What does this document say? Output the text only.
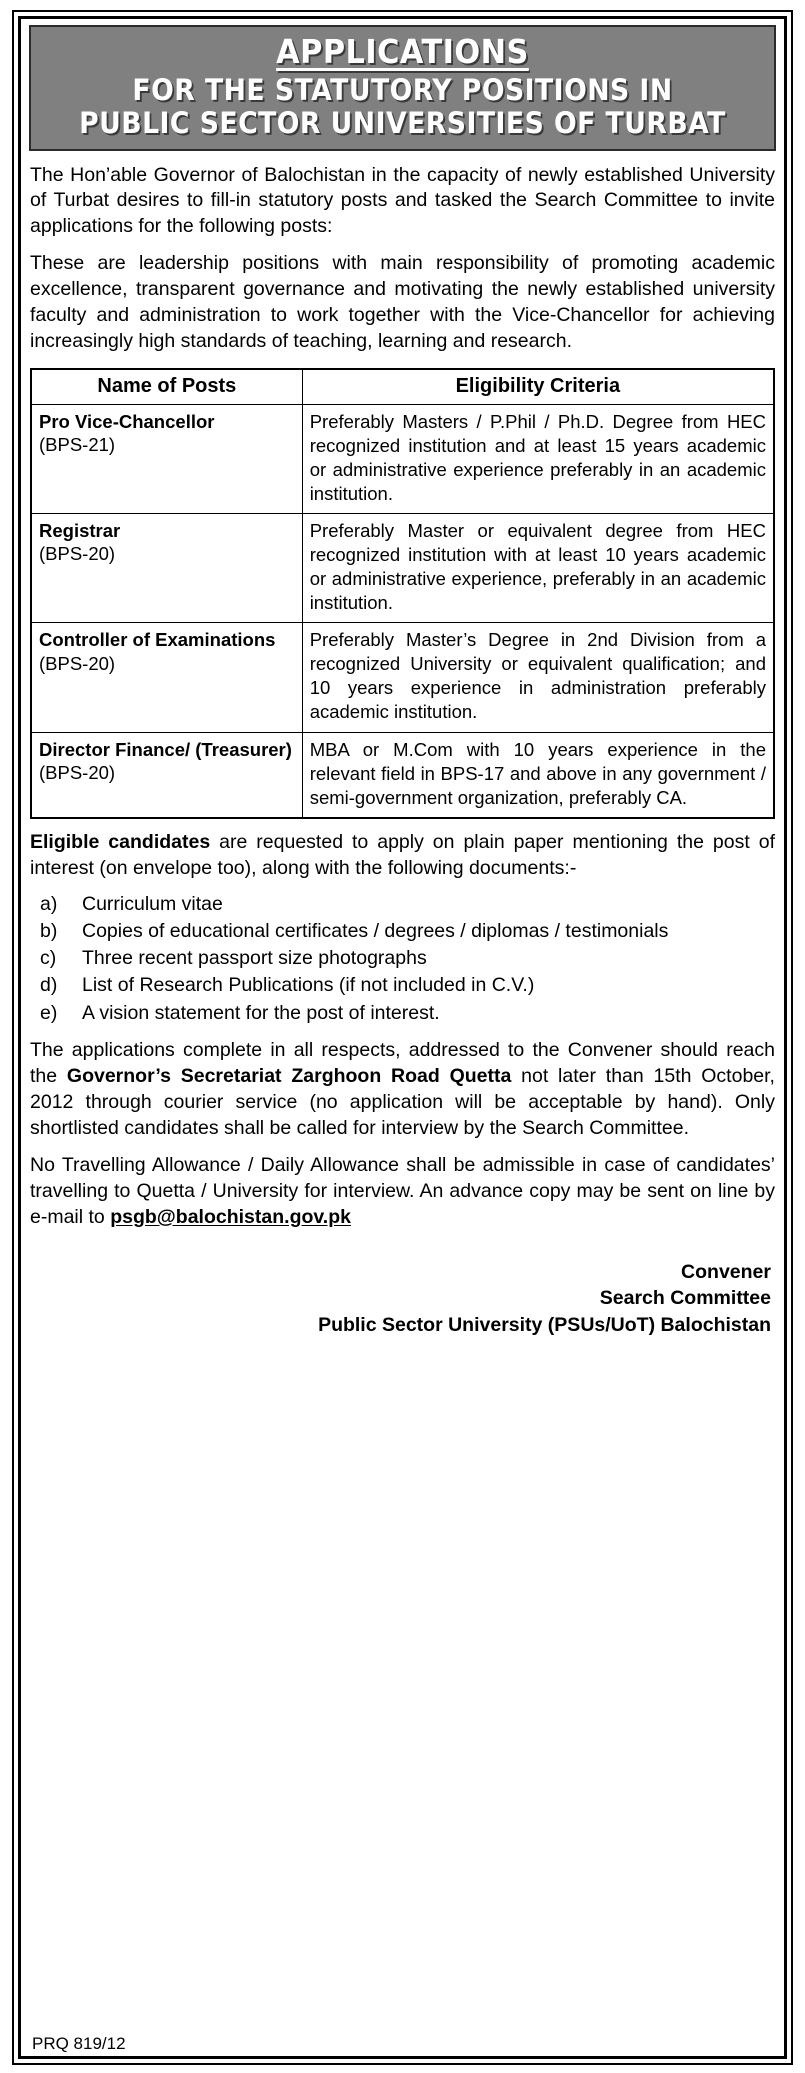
APPLICATIONS
FOR THE STATUTORY POSITIONS IN
PUBLIC SECTOR UNIVERSITIES OF TURBAT

The Hon’able Governor of Balochistan in the capacity of newly established University of Turbat desires to fill-in statutory posts and tasked the Search Committee to invite applications for the following posts:

These are leadership positions with main responsibility of promoting academic excellence, transparent governance and motivating the newly established university faculty and administration to work together with the Vice-Chancellor for achieving increasingly high standards of teaching, learning and research.

Name of Posts	Eligibility Criteria

Pro Vice-Chancellor
(BPS-21)	Preferably Masters / P.Phil / Ph.D. Degree from HEC recognized institution and at least 15 years academic or administrative experience preferably in an academic institution.

Registrar
(BPS-20)	Preferably Master or equivalent degree from HEC recognized institution with at least 10 years academic or administrative experience, preferably in an academic institution.

Controller of Examinations
(BPS-20)	Preferably Master’s Degree in 2nd Division from a recognized University or equivalent qualification; and 10 years experience in administration preferably academic institution.

Director Finance/ (Treasurer)
(BPS-20)	MBA or M.Com with 10 years experience in the relevant field in BPS-17 and above in any government / semi-government organization, preferably CA.

Eligible candidates are requested to apply on plain paper mentioning the post of interest (on envelope too), along with the following documents:-

a)	Curriculum vitae
b)	Copies of educational certificates / degrees / diplomas / testimonials
c)	Three recent passport size photographs
d)	List of Research Publications (if not included in C.V.)
e)	A vision statement for the post of interest.

The applications complete in all respects, addressed to the Convener should reach the Governor’s Secretariat Zarghoon Road Quetta not later than 15th October, 2012 through courier service (no application will be acceptable by hand). Only shortlisted candidates shall be called for interview by the Search Committee.

No Travelling Allowance / Daily Allowance shall be admissible in case of candidates’ travelling to Quetta / University for interview. An advance copy may be sent on line by e-mail to psgb@balochistan.gov.pk

Convener
Search Committee
Public Sector University (PSUs/UoT) Balochistan
PRQ 819/12
